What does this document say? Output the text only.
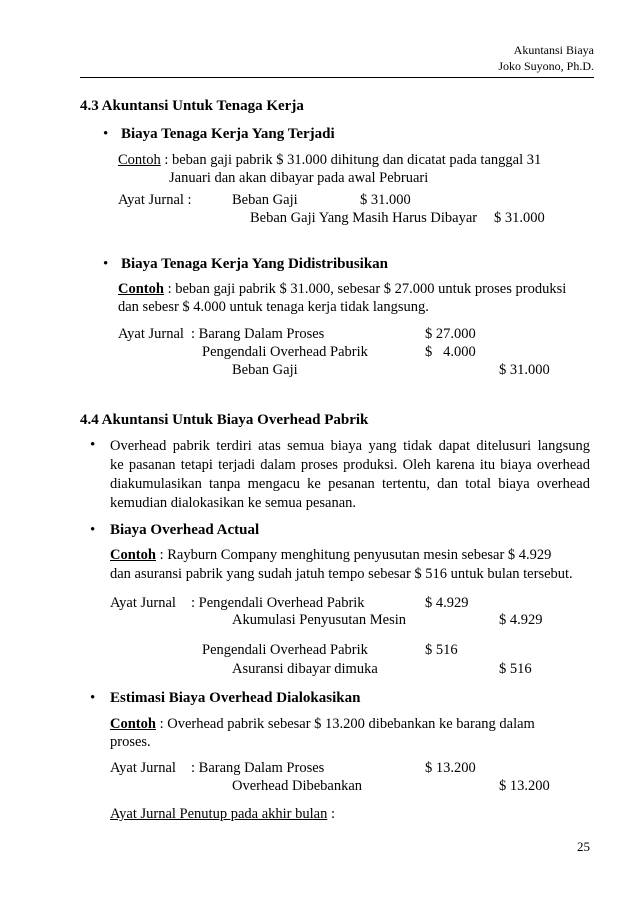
Akuntansi Biaya
Joko Suyono, Ph.D.
4.3 Akuntansi Untuk Tenaga Kerja
• Biaya Tenaga Kerja Yang Terjadi
Contoh : beban gaji pabrik $ 31.000 dihitung dan dicatat pada tanggal 31
Januari dan akan dibayar pada awal Pebruari
Ayat Jurnal :	Beban Gaji	$ 31.000
Beban Gaji Yang Masih Harus Dibayar $ 31.000
• Biaya Tenaga Kerja Yang Didistribusikan
Contoh : beban gaji pabrik $ 31.000, sebesar $ 27.000 untuk proses produksi
dan sebesr $ 4.000 untuk tenaga kerja tidak langsung.
Ayat Jurnal : Barang Dalam Proses	$ 27.000
Pengendali Overhead Pabrik	$   4.000
Beban Gaji	$ 31.000
4.4 Akuntansi Untuk Biaya Overhead Pabrik
• Overhead pabrik terdiri atas semua biaya yang tidak dapat ditelusuri langsung
ke pasanan tetapi terjadi dalam proses produksi. Oleh karena itu biaya overhead
diakumulasikan tanpa mengacu ke pesanan tertentu, dan total biaya overhead
kemudian dialokasikan ke semua pesanan.
• Biaya Overhead Actual
Contoh : Rayburn Company menghitung penyusutan mesin sebesar $ 4.929
dan asuransi pabrik yang sudah jatuh tempo sebesar $ 516 untuk bulan tersebut.
Ayat Jurnal : Pengendali Overhead Pabrik	$ 4.929
Akumulasi Penyusutan Mesin	$ 4.929
Pengendali Overhead Pabrik	$ 516
Asuransi dibayar dimuka	$ 516
• Estimasi Biaya Overhead Dialokasikan
Contoh : Overhead pabrik sebesar $ 13.200 dibebankan ke barang dalam
proses.
Ayat Jurnal : Barang Dalam Proses	$ 13.200
Overhead Dibebankan	$ 13.200
Ayat Jurnal Penutup pada akhir bulan :
25
